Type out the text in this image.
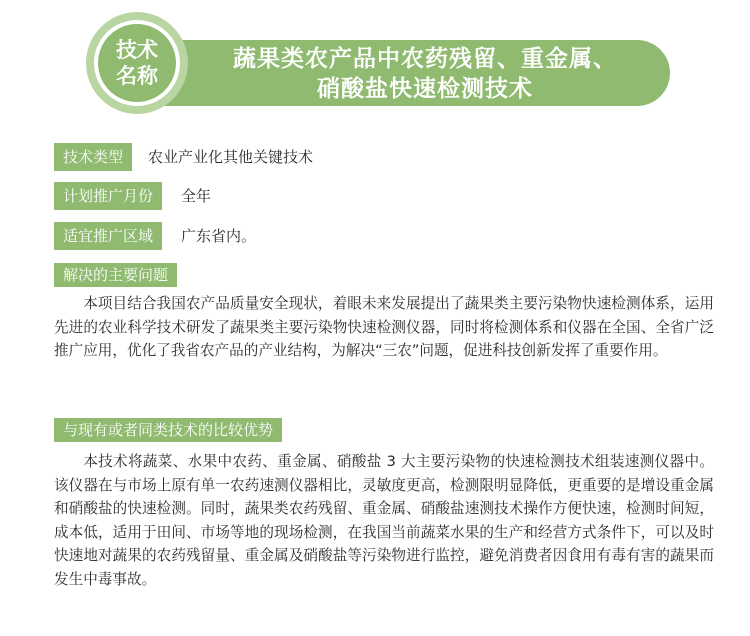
蔬果类农产品中农药残留、重金属、
硝酸盐快速检测技术
技术
名称
技术类型	农业产业化其他关键技术
计划推广月份	全年
适宜推广区域	广东省内。
解决的主要问题

本项目结合我国农产品质量安全现状，着眼未来发展提出了蔬果类主要污染物快速检测体系，运用先进的农业科学技术研发了蔬果类主要污染物快速检测仪器，同时将检测体系和仪器在全国、全省广泛推广应用，优化了我省农产品的产业结构，为解决“三农”问题，促进科技创新发挥了重要作用。

与现有或者同类技术的比较优势

本技术将蔬菜、水果中农药、重金属、硝酸盐 3 大主要污染物的快速检测技术组装速测仪器中。该仪器在与市场上原有单一农药速测仪器相比，灵敏度更高，检测限明显降低，更重要的是增设重金属和硝酸盐的快速检测。同时，蔬果类农药残留、重金属、硝酸盐速测技术操作方便快速，检测时间短，成本低，适用于田间、市场等地的现场检测，在我国当前蔬菜水果的生产和经营方式条件下，可以及时快速地对蔬果的农药残留量、重金属及硝酸盐等污染物进行监控，避免消费者因食用有毒有害的蔬果而发生中毒事故。
